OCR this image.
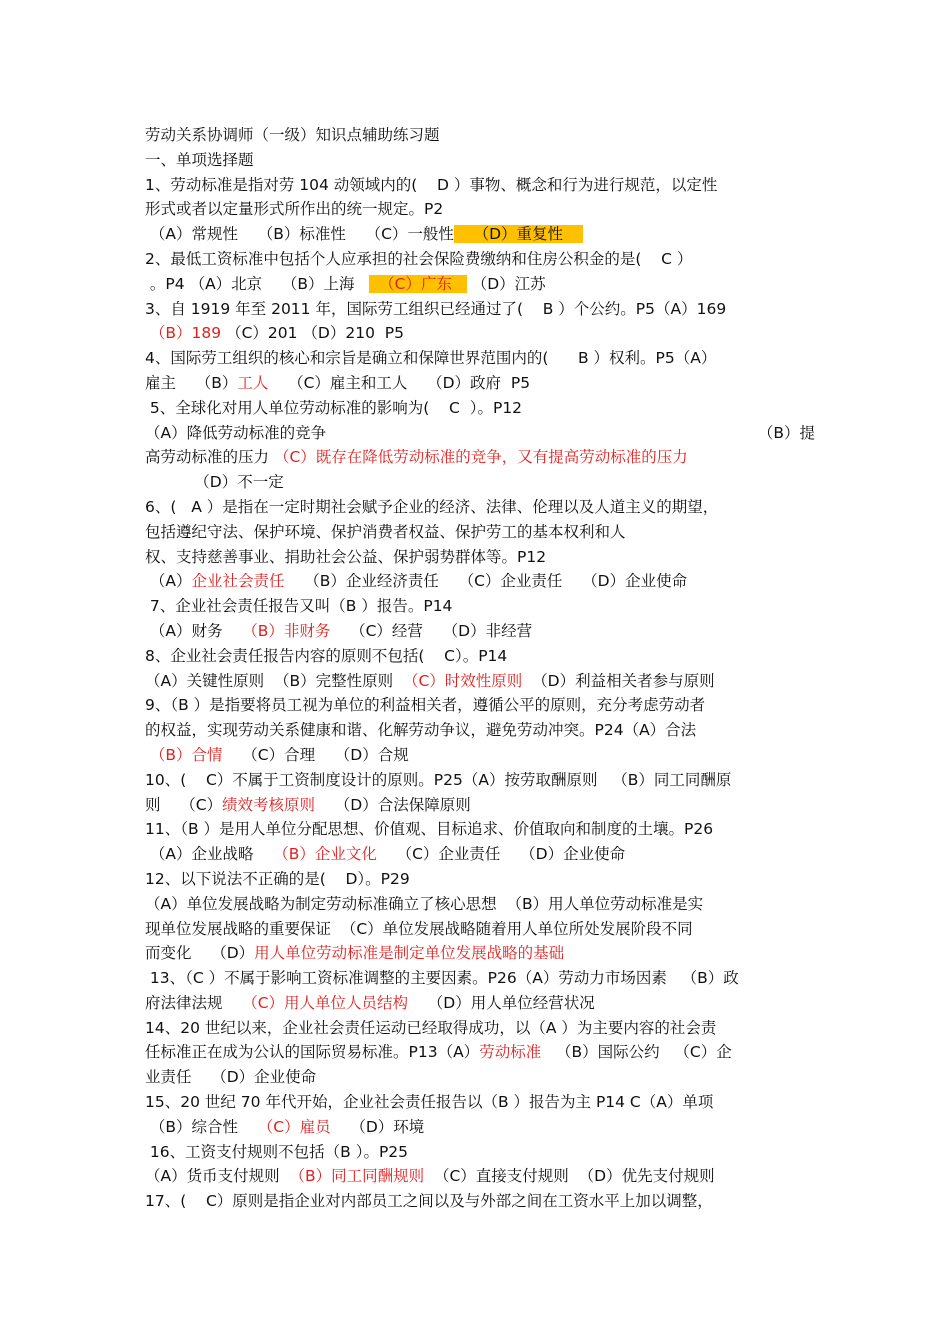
劳动关系协调师（一级）知识点辅助练习题
一、单项选择题
1、劳动标准是指对劳 104 动领域内的(    D ）事物、概念和行为进行规范，以定性
形式或者以定量形式所作出的统一规定。P2
（A）常规性    （B）标准性    （C）一般性    （D）重复性
2、最低工资标准中包括个人应承担的社会保险费缴纳和住房公积金的是(    C ）
。P4 （A）北京    （B）上海     （C）广东    （D）江苏
3、自 1919 年至 2011 年，国际劳工组织已经通过了(    B ）个公约。P5（A）169
（B）189 （C）201 （D）210  P5
4、国际劳工组织的核心和宗旨是确立和保障世界范围内的(      B ）权利。P5（A）
雇主    （B）工人    （C）雇主和工人    （D）政府  P5
5、全球化对用人单位劳动标准的影响为(    C  ）。P12
（A）降低劳动标准的竞争	（B）提
高劳动标准的压力 （C）既存在降低劳动标准的竞争，又有提高劳动标准的压力
（D）不一定
6、(   A ）是指在一定时期社会赋予企业的经济、法律、伦理以及人道主义的期望，
包括遵纪守法、保护环境、保护消费者权益、保护劳工的基本权利和人
权、支持慈善事业、捐助社会公益、保护弱势群体等。P12
（A）企业社会责任    （B）企业经济责任    （C）企业责任    （D）企业使命
7、企业社会责任报告又叫（B ）报告。P14
（A）财务    （B）非财务    （C）经营    （D）非经营
8、企业社会责任报告内容的原则不包括(    C）。P14
（A）关键性原则  （B）完整性原则  （C）时效性原则  （D）利益相关者参与原则
9、（B ）是指要将员工视为单位的利益相关者，遵循公平的原则，充分考虑劳动者
的权益，实现劳动关系健康和谐、化解劳动争议，避免劳动冲突。P24（A）合法
（B）合情    （C）合理    （D）合规
10、(    C）不属于工资制度设计的原则。P25（A）按劳取酬原则   （B）同工同酬原
则    （C）绩效考核原则    （D）合法保障原则
11、（B ）是用人单位分配思想、价值观、目标追求、价值取向和制度的土壤。P26
（A）企业战略    （B）企业文化    （C）企业责任    （D）企业使命
12、以下说法不正确的是(    D）。P29
（A）单位发展战略为制定劳动标准确立了核心思想  （B）用人单位劳动标准是实
现单位发展战略的重要保证  （C）单位发展战略随着用人单位所处发展阶段不同
而变化    （D）用人单位劳动标准是制定单位发展战略的基础
13、（C ）不属于影响工资标准调整的主要因素。P26（A）劳动力市场因素   （B）政
府法律法规    （C）用人单位人员结构    （D）用人单位经营状况
14、20 世纪以来，企业社会责任运动已经取得成功，以（A ）为主要内容的社会责
任标准正在成为公认的国际贸易标准。P13（A）劳动标准   （B）国际公约   （C）企
业责任    （D）企业使命
15、20 世纪 70 年代开始，企业社会责任报告以（B ）报告为主 P14 C（A）单项
（B）综合性    （C）雇员    （D）环境
16、工资支付规则不包括（B ）。P25
（A）货币支付规则  （B）同工同酬规则  （C）直接支付规则  （D）优先支付规则
17、(    C）原则是指企业对内部员工之间以及与外部之间在工资水平上加以调整，
